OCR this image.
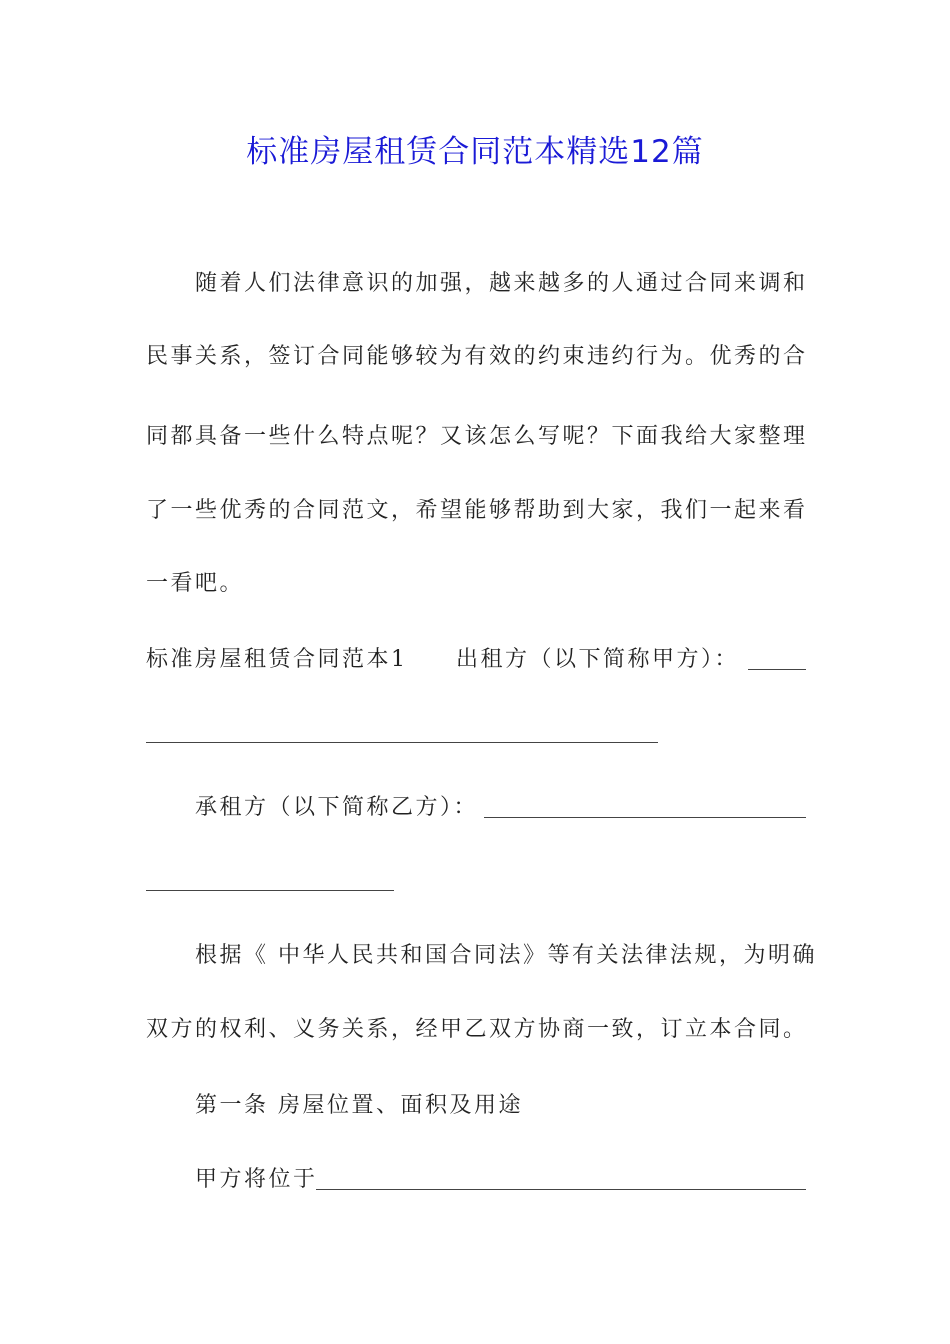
标准房屋租赁合同范本精选12篇
随着人们法律意识的加强，越来越多的人通过合同来调和
民事关系，签订合同能够较为有效的约束违约行为。优秀的合
同都具备一些什么特点呢？又该怎么写呢？下面我给大家整理
了一些优秀的合同范文，希望能够帮助到大家，我们一起来看
一看吧。
标准房屋租赁合同范本1 出租方（以下简称甲方）：
承租方（以下简称乙方）：
根据《 中华人民共和国合同法》等有关法律法规，为明确
双方的权利、义务关系，经甲乙双方协商一致，订立本合同。
第一条 房屋位置、面积及用途
甲方将位于
